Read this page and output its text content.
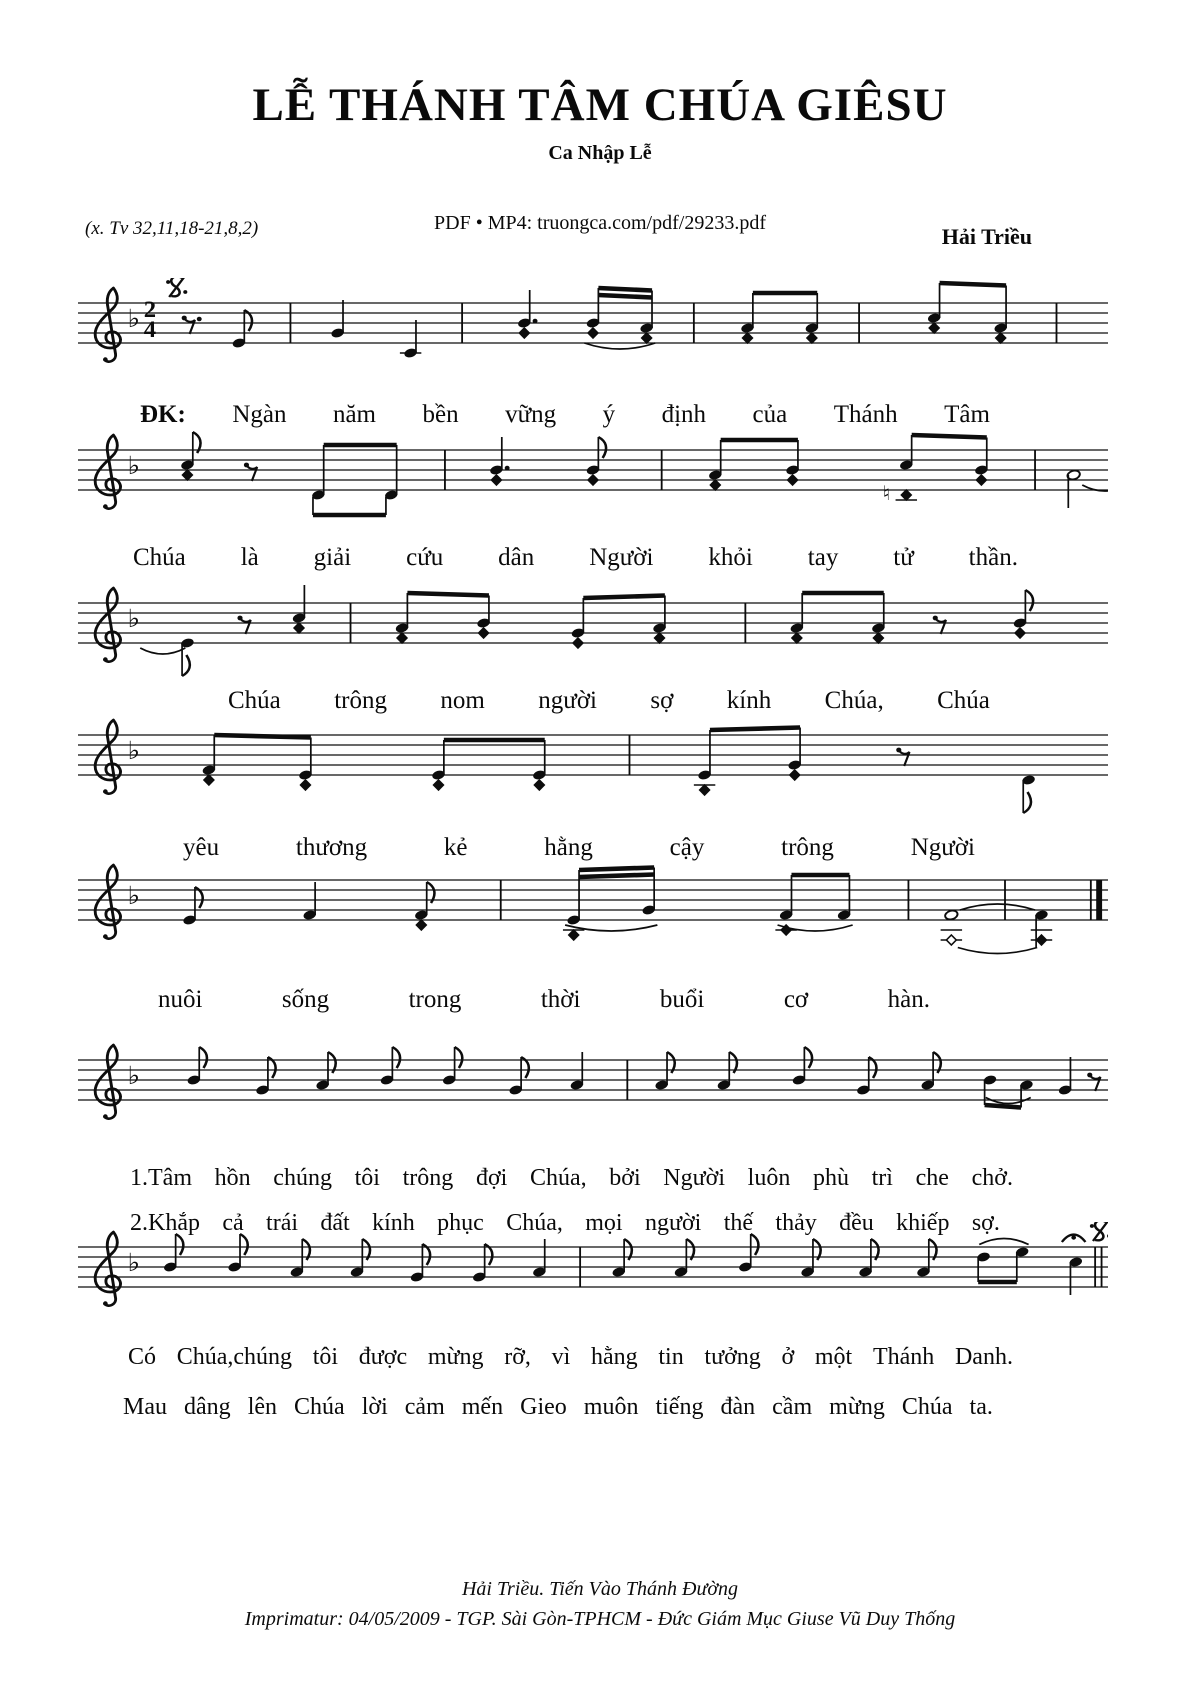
LỄ THÁNH TÂM CHÚA GIÊSU
Ca Nhập Lễ
(x. Tv 32,11,18-21,8,2)	PDF • MP4: truongca.com/pdf/29233.pdf
Hải Triều
♭ 2
4
ĐK: Ngàn năm bền vững ý định của Thánh Tâm
♭
♮
Chúa là giải cứu dân Người khỏi tay tử thần.
♭
Chúa trông nom người sợ kính Chúa, Chúa
♭
yêu	thương	kẻ	hằng	cậy	trông	Người
♭
nuôi	sống	trong	thời	buổi	cơ	hàn.
♭
1.Tâm hồn chúng tôi trông đợi Chúa, bởi Người luôn phù trì che chở.
2.Khắp cả trái đất kính phục Chúa, mọi người thế thảy đều khiếp sợ.
♭
Có Chúa,chúng tôi được mừng rỡ, vì hằng tin tưởng ở một Thánh Danh.
Mau dâng lên Chúa lời cảm mến Gieo muôn tiếng đàn cầm mừng Chúa ta.
Hải Triều. Tiến Vào Thánh Đường
Imprimatur: 04/05/2009 - TGP. Sài Gòn-TPHCM - Đức Giám Mục Giuse Vũ Duy Thống
